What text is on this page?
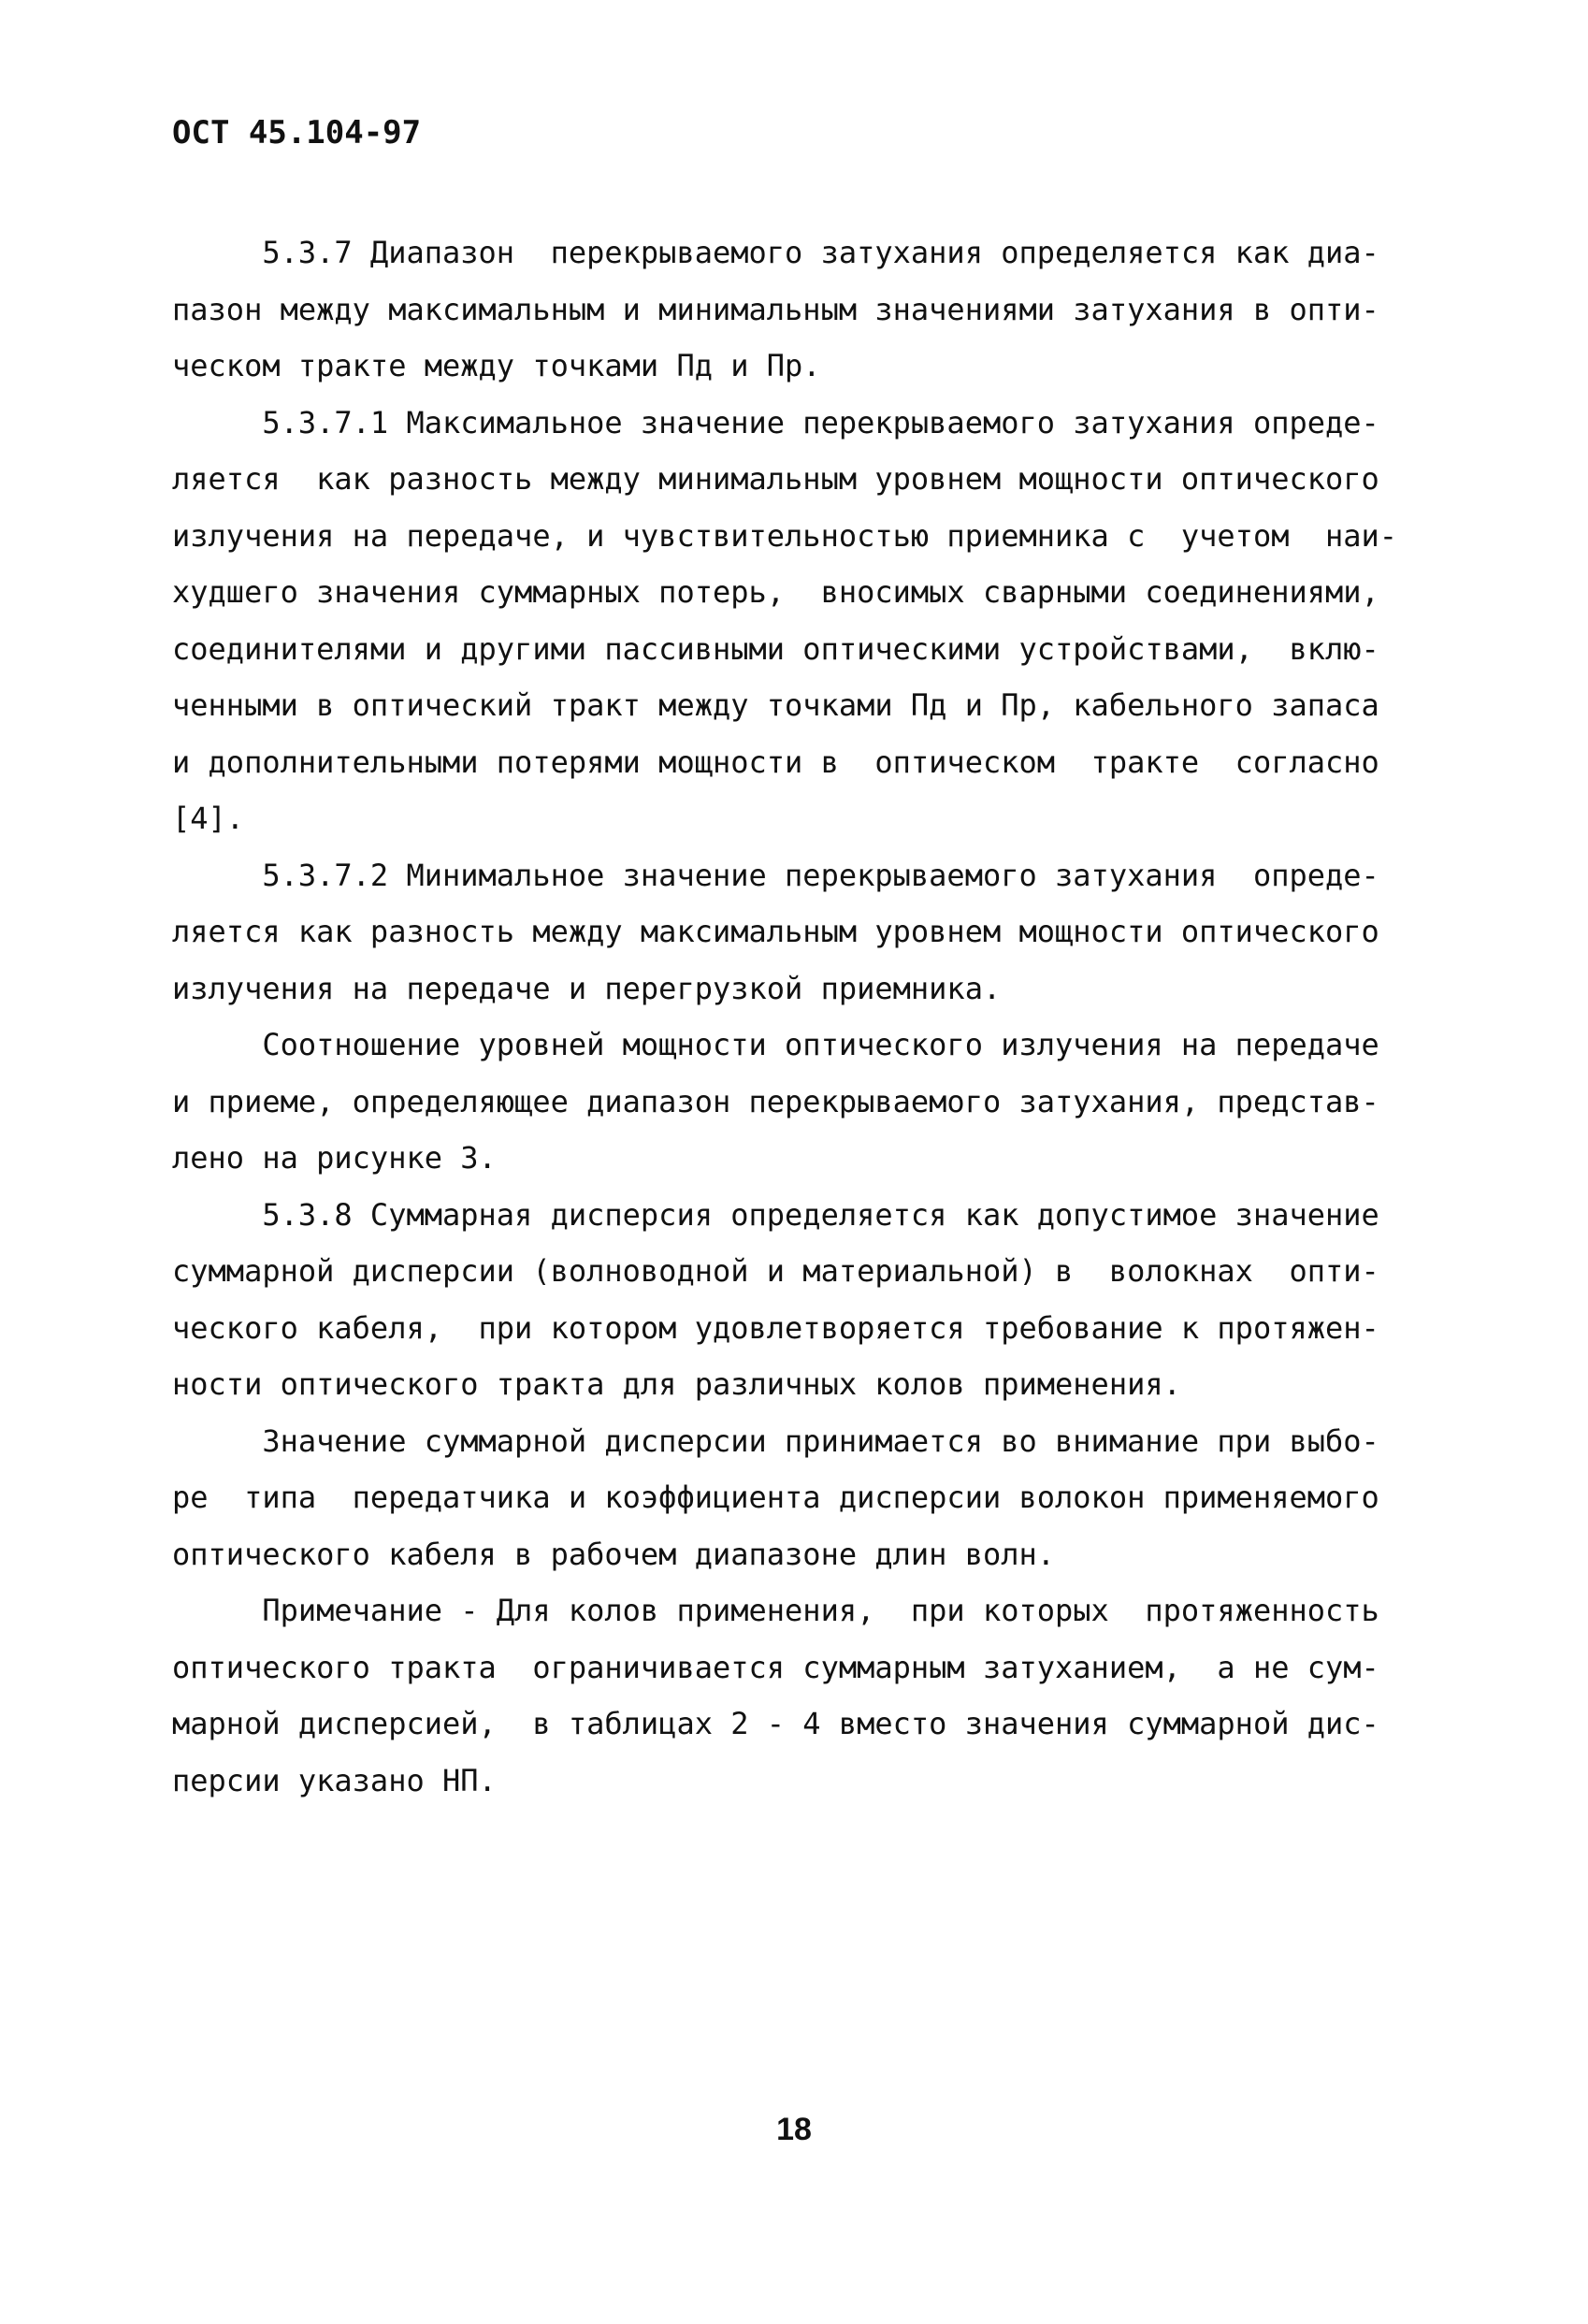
ОСТ 45.104-97
5.3.7 Диапазон  перекрываемого затухания определяется как диа-
пазон между максимальным и минимальным значениями затухания в опти-
ческом тракте между точками Пд и Пр.
5.3.7.1 Максимальное значение перекрываемого затухания опреде-
ляется  как разность между минимальным уровнем мощности оптического
излучения на передаче, и чувствительностью приемника с  учетом  наи-
худшего значения суммарных потерь,  вносимых сварными соединениями,
соединителями и другими пассивными оптическими устройствами,  вклю-
ченными в оптический тракт между точками Пд и Пр, кабельного запаса
и дополнительными потерями мощности в  оптическом  тракте  согласно
[4].
5.3.7.2 Минимальное значение перекрываемого затухания  опреде-
ляется как разность между максимальным уровнем мощности оптического
излучения на передаче и перегрузкой приемника.
Соотношение уровней мощности оптического излучения на передаче
и приеме, определяющее диапазон перекрываемого затухания, представ-
лено на рисунке 3.
5.3.8 Суммарная дисперсия определяется как допустимое значение
суммарной дисперсии (волноводной и материальной) в  волокнах  опти-
ческого кабеля,  при котором удовлетворяется требование к протяжен-
ности оптического тракта для различных колов применения.
Значение суммарной дисперсии принимается во внимание при выбо-
ре  типа  передатчика и коэффициента дисперсии волокон применяемого
оптического кабеля в рабочем диапазоне длин волн.
Примечание - Для колов применения,  при которых  протяженность
оптического тракта  ограничивается суммарным затуханием,  а не сум-
марной дисперсией,  в таблицах 2 - 4 вместо значения суммарной дис-
персии указано НП.
18
